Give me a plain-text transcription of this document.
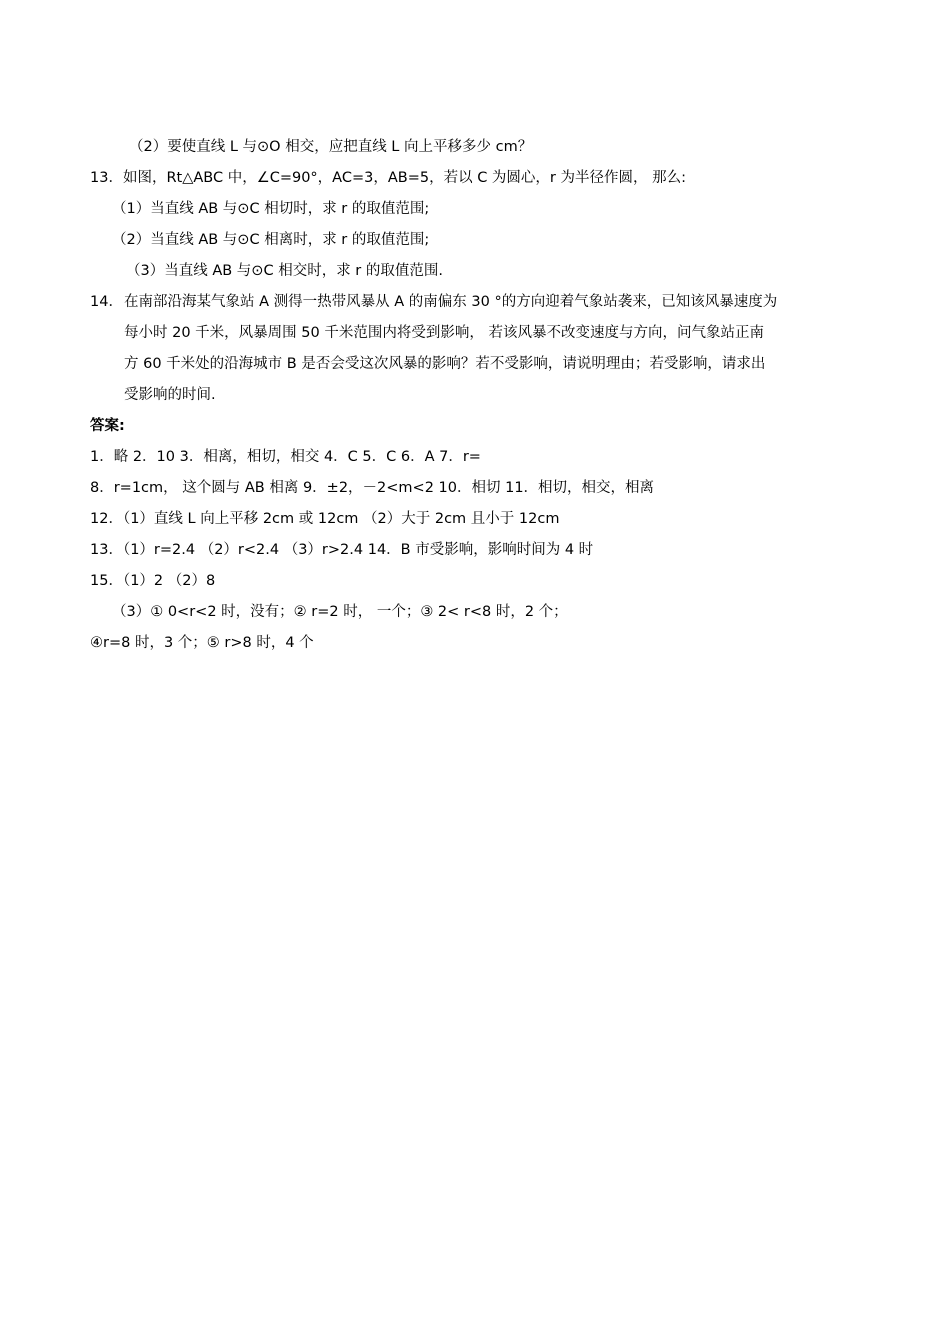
（2）要使直线 L 与⊙O 相交，应把直线 L 向上平移多少 cm？
13．如图，Rt△ABC 中，∠C=90°，AC=3，AB=5，若以 C 为圆心，r 为半径作圆， 那么:
（1）当直线 AB 与⊙C 相切时，求 r 的取值范围;
（2）当直线 AB 与⊙C 相离时，求 r 的取值范围;
（3）当直线 AB 与⊙C 相交时，求 r 的取值范围.
14． 在南部沿海某气象站 A 测得一热带风暴从 A 的南偏东 30 °的方向迎着气象站袭来，已知该风暴速度为
每小时 20 千米，风暴周围 50 千米范围内将受到影响， 若该风暴不改变速度与方向，问气象站正南
方 60 千米处的沿海城市 B 是否会受这次风暴的影响？若不受影响，请说明理由；若受影响，请求出
受影响的时间.
答案:
1．略 2．10 3．相离，相切，相交 4．C 5．C 6．A 7．r=
8．r=1cm， 这个圆与 AB 相离 9．±2，－2<m<2 10．相切 11．相切，相交，相离
12．（1）直线 L 向上平移 2cm 或 12cm （2）大于 2cm 且小于 12cm
13．（1）r=2.4 （2）r<2.4 （3）r>2.4 14．B 市受影响，影响时间为 4 时
15．（1）2 （2）8
（3）① 0<r<2 时，没有；② r=2 时， 一个；③ 2< r<8 时，2 个；
④r=8 时，3 个；⑤ r>8 时，4 个
